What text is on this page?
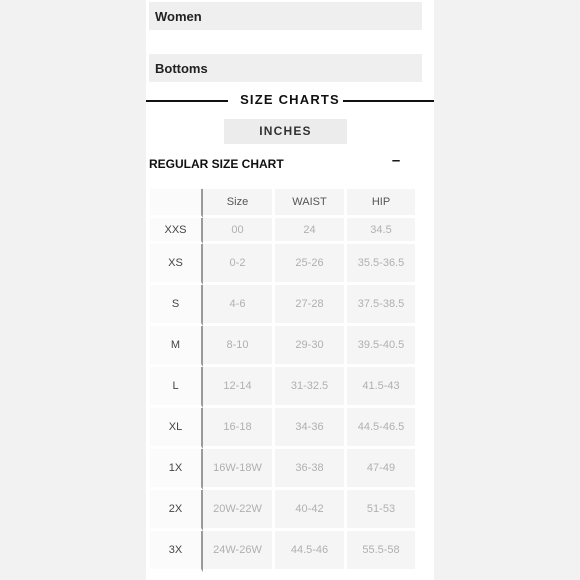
Women
Bottoms
SIZE CHARTS
INCHES
REGULAR SIZE CHART	–
	Size	WAIST	HIP
XXS	00	24	34.5
XS	0-2	25-26	35.5-36.5
S	4-6	27-28	37.5-38.5
M	8-10	29-30	39.5-40.5
L	12-14	31-32.5	41.5-43
XL	16-18	34-36	44.5-46.5
1X	16W-18W	36-38	47-49
2X	20W-22W	40-42	51-53
3X	24W-26W	44.5-46	55.5-58
